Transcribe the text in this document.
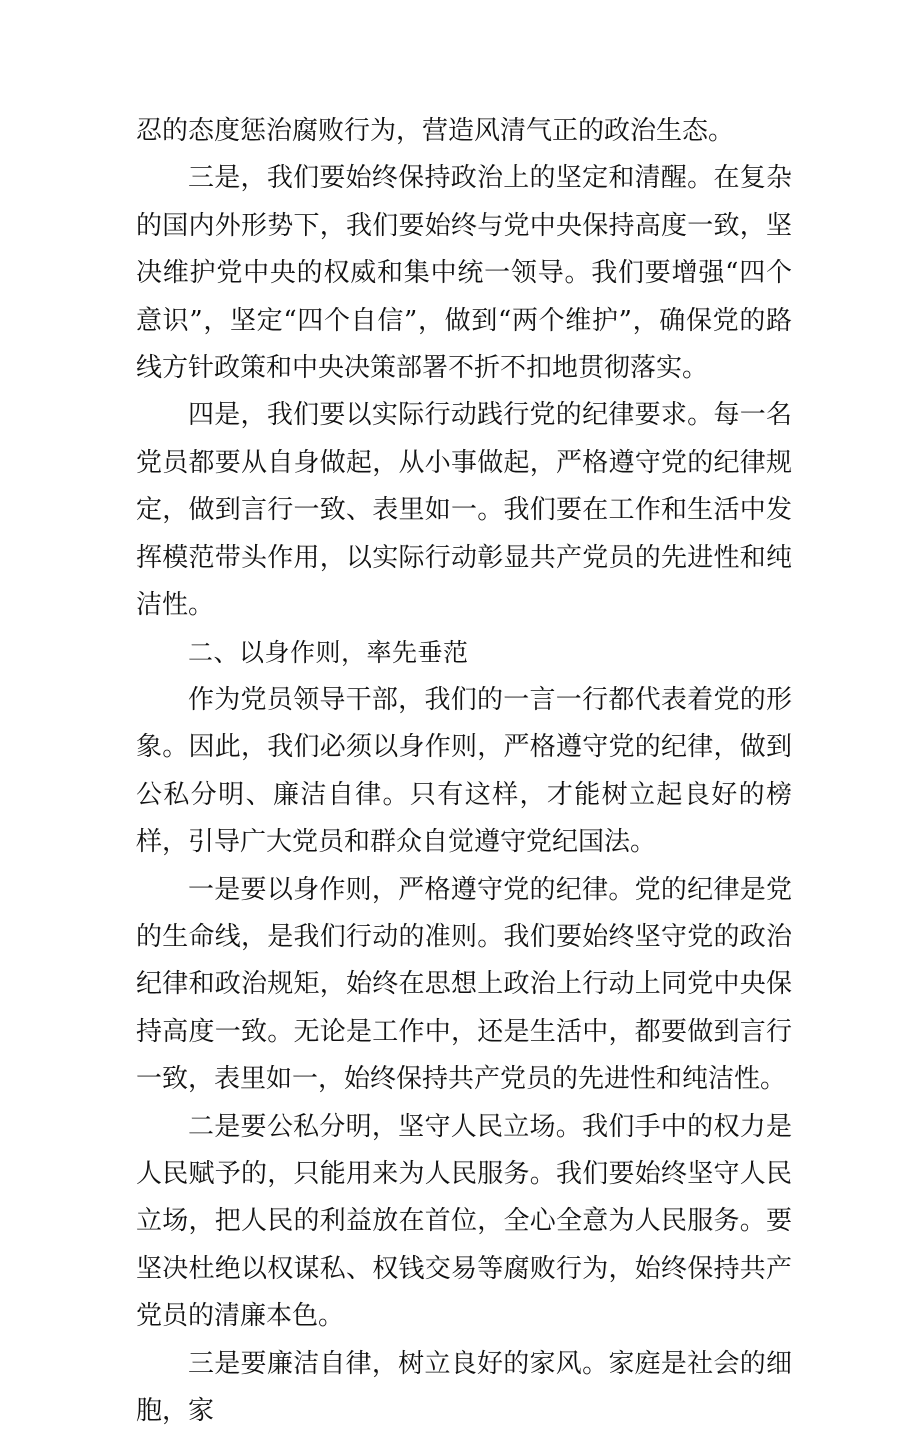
忍的态度惩治腐败行为，营造风清气正的政治生态。

三是，我们要始终保持政治上的坚定和清醒。在复杂的国内外形势下，我们要始终与党中央保持高度一致，坚决维护党中央的权威和集中统一领导。我们要增强“四个意识”，坚定“四个自信”，做到“两个维护”，确保党的路线方针政策和中央决策部署不折不扣地贯彻落实。

四是，我们要以实际行动践行党的纪律要求。每一名党员都要从自身做起，从小事做起，严格遵守党的纪律规定，做到言行一致、表里如一。我们要在工作和生活中发挥模范带头作用，以实际行动彰显共产党员的先进性和纯洁性。

二、以身作则，率先垂范

作为党员领导干部，我们的一言一行都代表着党的形象。因此，我们必须以身作则，严格遵守党的纪律，做到公私分明、廉洁自律。只有这样，才能树立起良好的榜样，引导广大党员和群众自觉遵守党纪国法。

一是要以身作则，严格遵守党的纪律。党的纪律是党的生命线，是我们行动的准则。我们要始终坚守党的政治纪律和政治规矩，始终在思想上政治上行动上同党中央保持高度一致。无论是工作中，还是生活中，都要做到言行一致，表里如一，始终保持共产党员的先进性和纯洁性。

二是要公私分明，坚守人民立场。我们手中的权力是人民赋予的，只能用来为人民服务。我们要始终坚守人民立场，把人民的利益放在首位，全心全意为人民服务。要坚决杜绝以权谋私、权钱交易等腐败行为，始终保持共产党员的清廉本色。

三是要廉洁自律，树立良好的家风。家庭是社会的细胞，家
